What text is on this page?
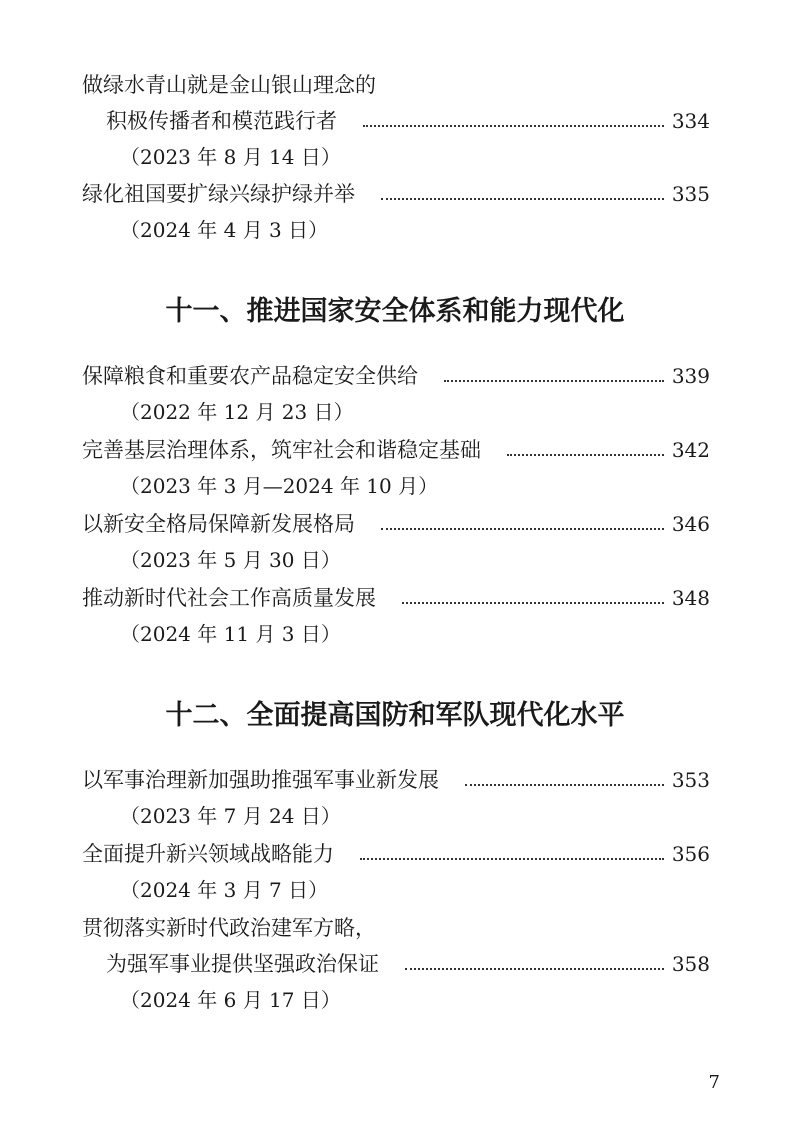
做绿水青山就是金山银山理念的
积极传播者和模范践行者	334
（2023 年 8 月 14 日）
绿化祖国要扩绿兴绿护绿并举	335
（2024 年 4 月 3 日）
十一、推进国家安全体系和能力现代化
保障粮食和重要农产品稳定安全供给	339
（2022 年 12 月 23 日）
完善基层治理体系，筑牢社会和谐稳定基础	342
（2023 年 3 月—2024 年 10 月）
以新安全格局保障新发展格局	346
（2023 年 5 月 30 日）
推动新时代社会工作高质量发展	348
（2024 年 11 月 3 日）
十二、全面提高国防和军队现代化水平
以军事治理新加强助推强军事业新发展	353
（2023 年 7 月 24 日）
全面提升新兴领域战略能力	356
（2024 年 3 月 7 日）
贯彻落实新时代政治建军方略，
为强军事业提供坚强政治保证	358
（2024 年 6 月 17 日）
7
